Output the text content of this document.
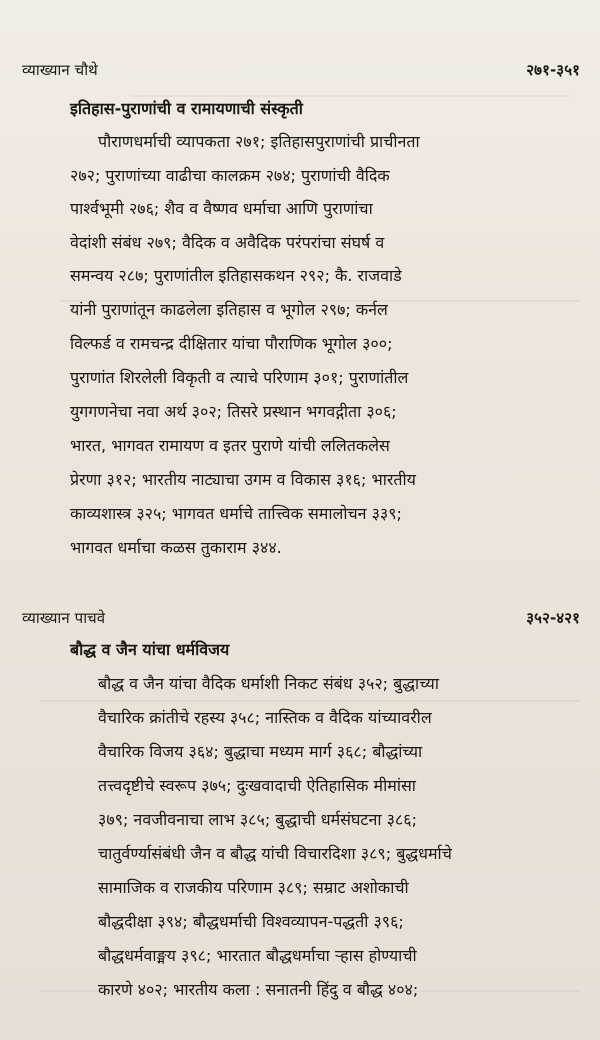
व्याख्यान चौथे	२७१-३५१
इतिहास-पुराणांची व रामायणाची संस्कृती
पौराणधर्माची व्यापकता २७१; इतिहासपुराणांची प्राचीनता
२७२; पुराणांच्या वाढीचा कालक्रम २७४; पुराणांची वैदिक
पार्श्वभूमी २७६; शैव व वैष्णव धर्माचा आणि पुराणांचा
वेदांशी संबंध २७९; वैदिक व अवैदिक परंपरांचा संघर्ष व
समन्वय २८७; पुराणांतील इतिहासकथन २९२; कै. राजवाडे
यांनी पुराणांतून काढलेला इतिहास व भूगोल २९७; कर्नल
विल्फर्ड व रामचन्द्र दीक्षितार यांचा पौराणिक भूगोल ३००;
पुराणांत शिरलेली विकृती व त्याचे परिणाम ३०१; पुराणांतील
युगगणनेचा नवा अर्थ ३०२; तिसरे प्रस्थान भगवद्गीता ३०६;
भारत, भागवत रामायण व इतर पुराणे यांची ललितकलेस
प्रेरणा ३१२; भारतीय नाट्याचा उगम व विकास ३१६; भारतीय
काव्यशास्त्र ३२५; भागवत धर्माचे तात्त्विक समालोचन ३३९;
भागवत धर्माचा कळस तुकाराम ३४४.
व्याख्यान पाचवे	३५२-४२१
बौद्ध व जैन यांचा धर्मविजय
बौद्ध व जैन यांचा वैदिक धर्माशी निकट संबंध ३५२; बुद्धाच्या
वैचारिक क्रांतीचे रहस्य ३५८; नास्तिक व वैदिक यांच्यावरील
वैचारिक विजय ३६४; बुद्धाचा मध्यम मार्ग ३६८; बौद्धांच्या
तत्त्वदृष्टीचे स्वरूप ३७५; दुःखवादाची ऐतिहासिक मीमांसा
३७९; नवजीवनाचा लाभ ३८५; बुद्धाची धर्मसंघटना ३८६;
चातुर्वर्ण्यासंबंधी जैन व बौद्ध यांची विचारदिशा ३८९; बुद्धधर्माचे
सामाजिक व राजकीय परिणाम ३८९; सम्राट अशोकाची
बौद्धदीक्षा ३९४; बौद्धधर्माची विश्वव्यापन-पद्धती ३९६;
बौद्धधर्मवाङ्मय ३९८; भारतात बौद्धधर्माचा ऱ्हास होण्याची
कारणे ४०२; भारतीय कला : सनातनी हिंदु व बौद्ध ४०४;
